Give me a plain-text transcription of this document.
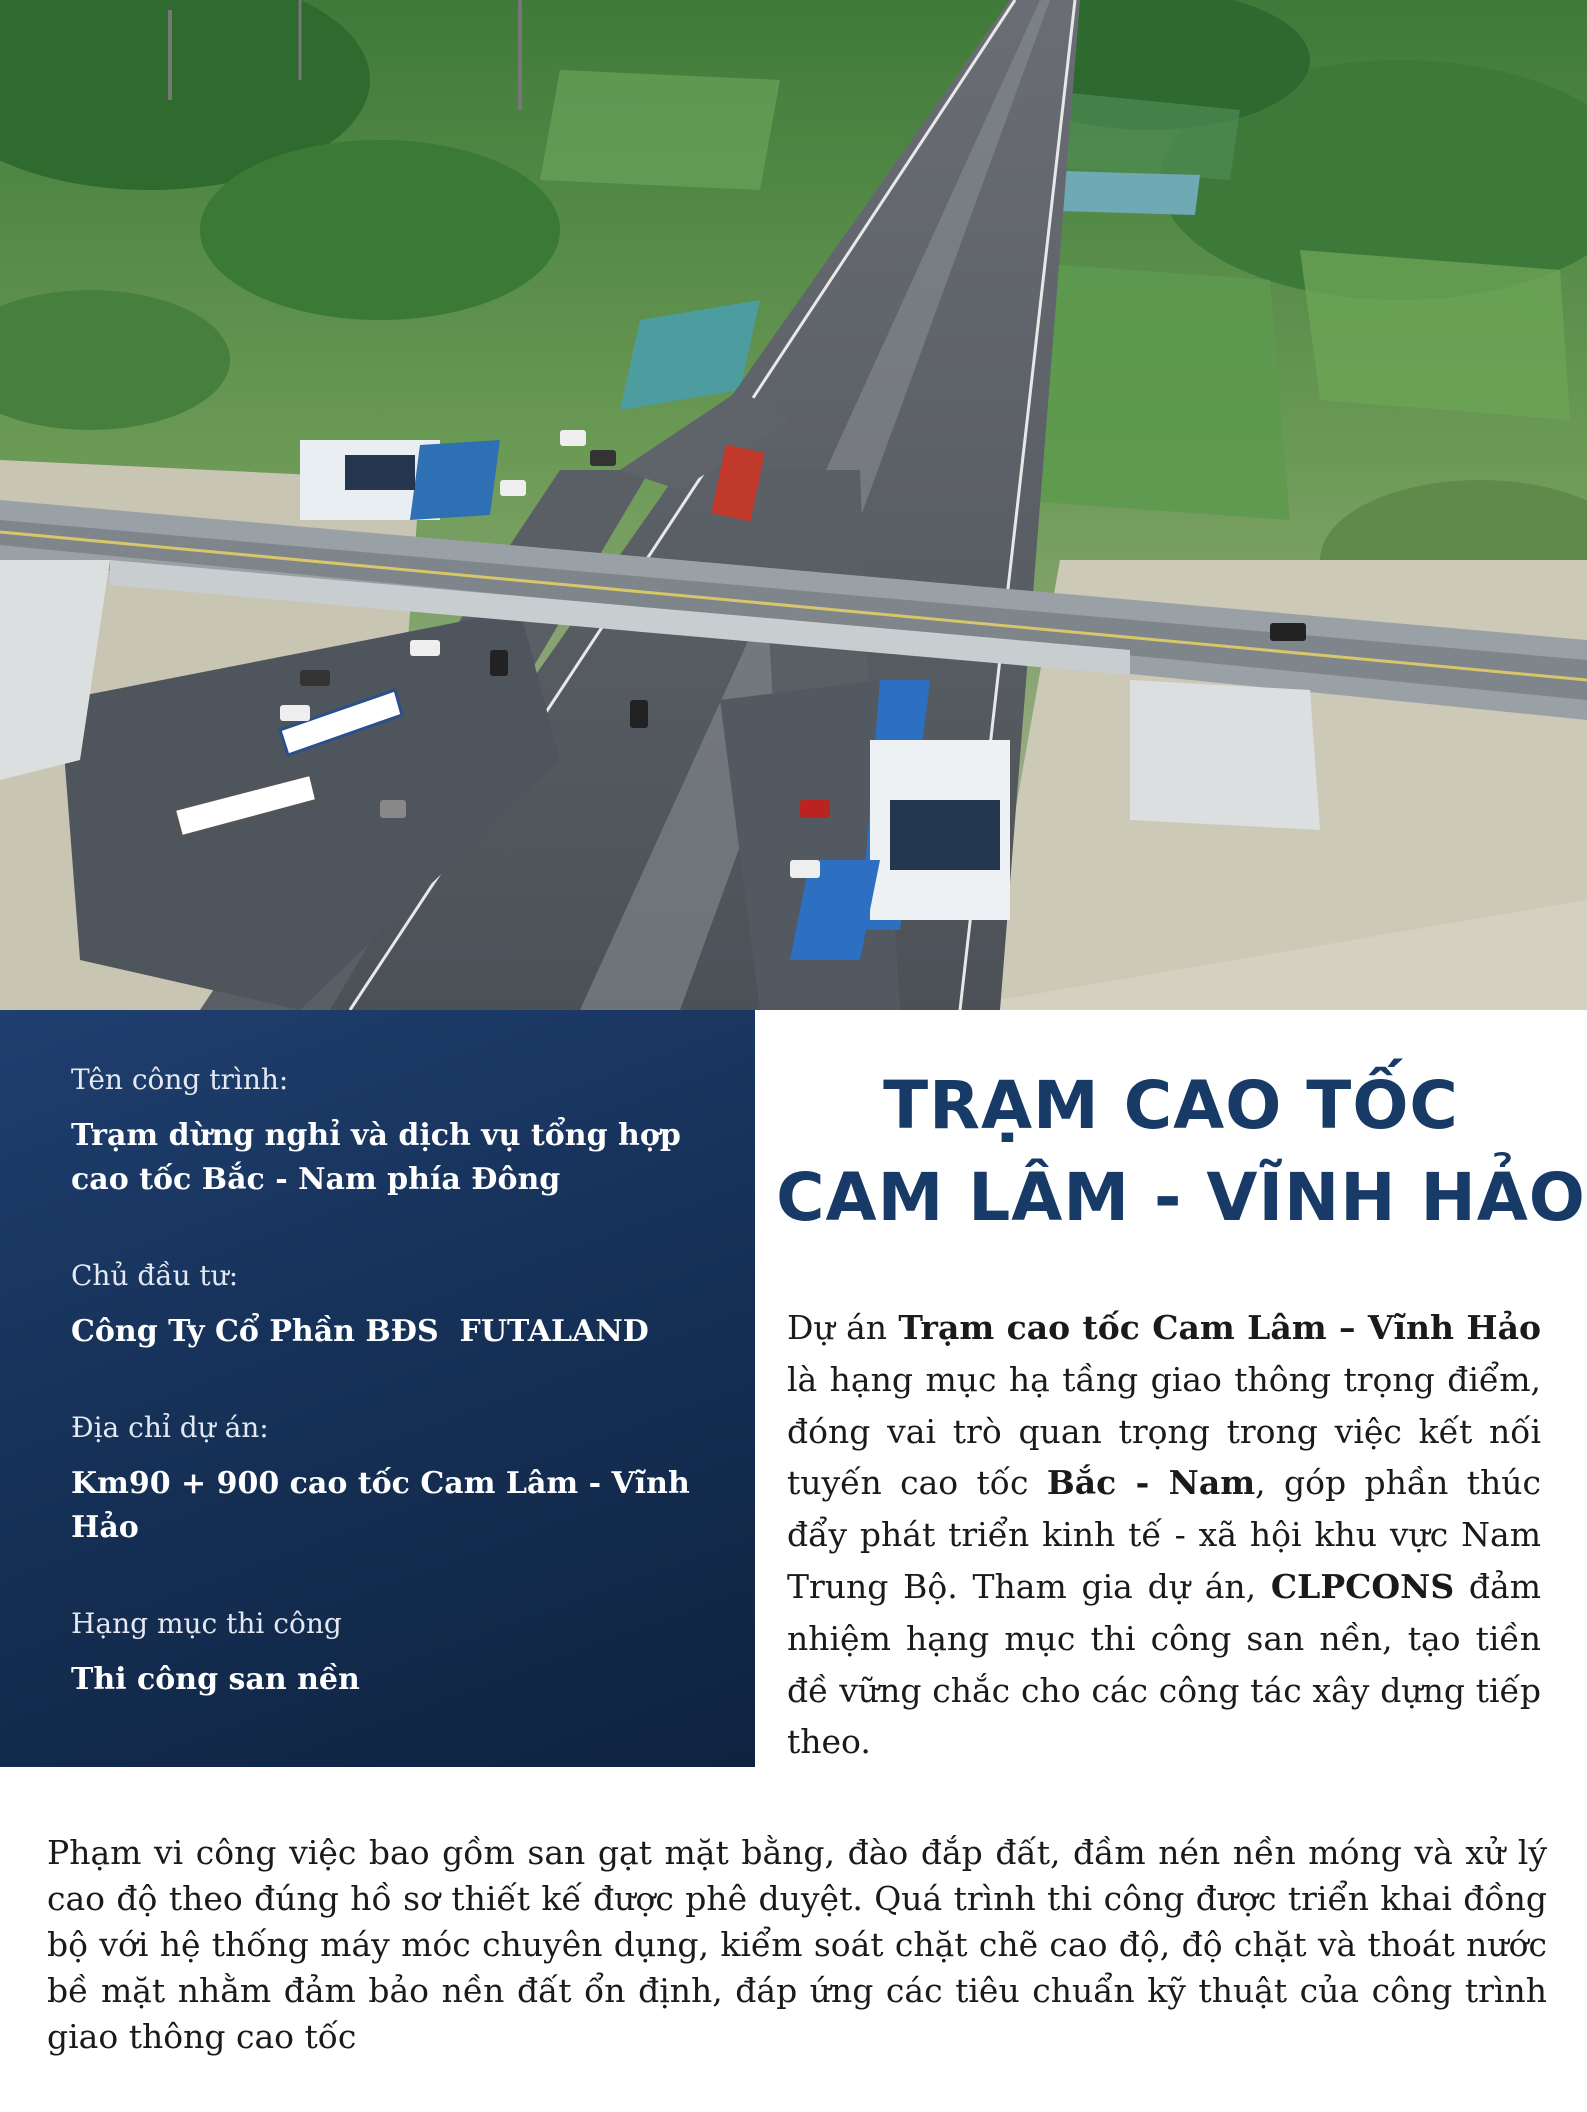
Tên công trình:
Trạm dừng nghỉ và dịch vụ tổng hợp
cao tốc Bắc - Nam phía Đông
Chủ đầu tư:
Công Ty Cổ Phần BĐS  FUTALAND
Địa chỉ dự án:
Km90 + 900 cao tốc Cam Lâm - Vĩnh
Hảo
Hạng mục thi công
Thi công san nền
TRẠM CAO TỐC

CAM LÂM - VĨNH HẢO
Dự án Trạm cao tốc Cam Lâm – Vĩnh Hảo là hạng mục hạ tầng giao thông trọng điểm, đóng vai trò quan trọng trong việc kết nối tuyến cao tốc Bắc - Nam, góp phần thúc đẩy phát triển kinh tế - xã hội khu vực Nam Trung Bộ. Tham gia dự án, CLPCONS đảm nhiệm hạng mục thi công san nền, tạo tiền đề vững chắc cho các công tác xây dựng tiếp theo.
Phạm vi công việc bao gồm san gạt mặt bằng, đào đắp đất, đầm nén nền móng và xử lý cao độ theo đúng hồ sơ thiết kế được phê duyệt. Quá trình thi công được triển khai đồng bộ với hệ thống máy móc chuyên dụng, kiểm soát chặt chẽ cao độ, độ chặt và thoát nước bề mặt nhằm đảm bảo nền đất ổn định, đáp ứng các tiêu chuẩn kỹ thuật của công trình giao thông cao tốc
